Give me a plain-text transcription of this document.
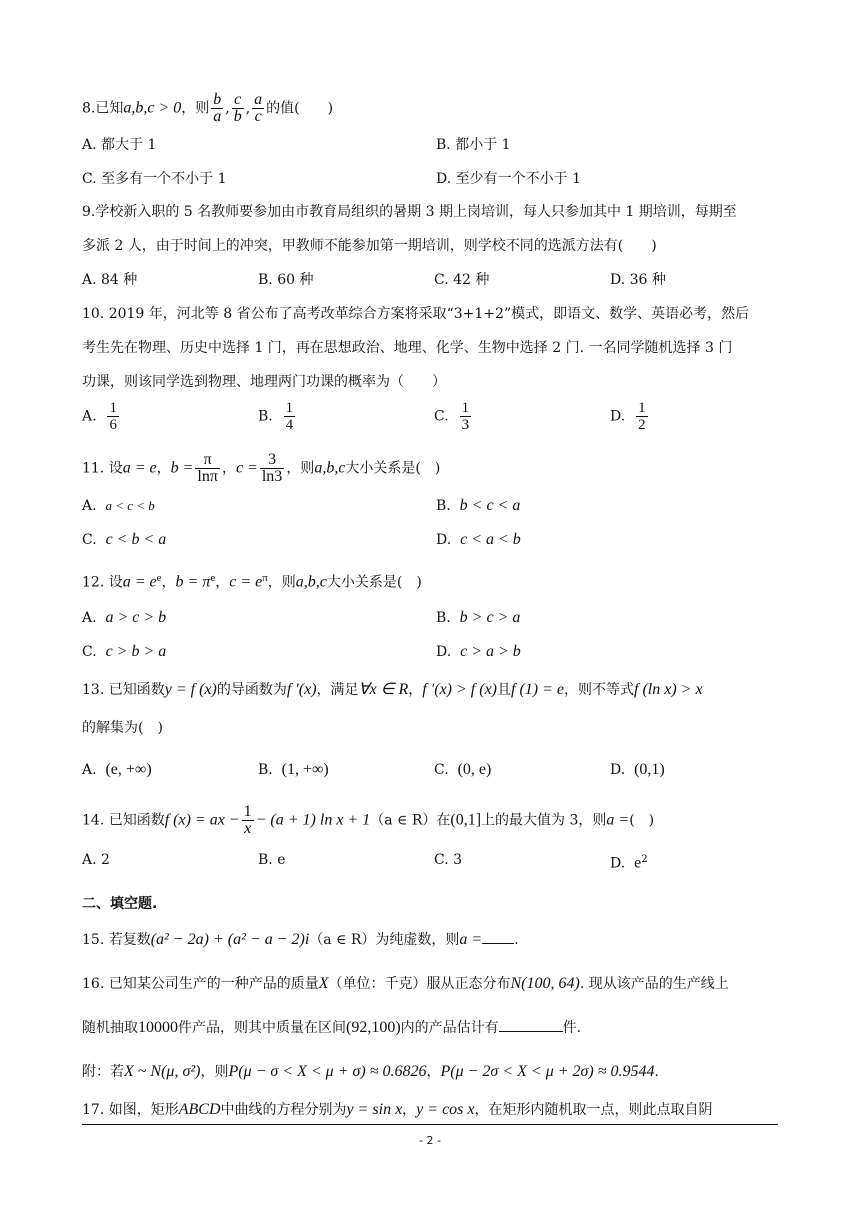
8.已知a,b,c > 0，则 $\frac{b}{a}$ , $\frac{c}{b}$ , $\frac{a}{c}$ 的值(　　)
A. 都大于 1	B. 都小于 1
C. 至多有一个不小于 1	D. 至少有一个不小于 1
9.学校新入职的 5 名教师要参加由市教育局组织的暑期 3 期上岗培训，每人只参加其中 1 期培训，每期至
多派 2 人，由于时间上的冲突，甲教师不能参加第一期培训，则学校不同的选派方法有(　　)
A. 84 种	B. 60 种	C. 42 种	D. 36 种
10. 2019 年，河北等 8 省公布了高考改革综合方案将采取“3+1+2”模式，即语文、数学、英语必考，然后
考生先在物理、历史中选择 1 门，再在思想政治、地理、化学、生物中选择 2 门. 一名同学随机选择 3 门
功课，则该同学选到物理、地理两门功课的概率为（　　）
A. $\frac{1}{6}$	B. $\frac{1}{4}$	C. $\frac{1}{3}$	D. $\frac{1}{2}$
11. 设a = e，$b = \frac{\pi}{\ln\pi}$ ，$c = \frac{3}{\ln 3}$ ，则a,b,c大小关系是(　)
A. a < c < b	B. b < c < a
C. c < b < a	D. c < a < b
12. 设$a = e^e$，$b = \pi^e$，$c = e^\pi$，则a,b,c大小关系是(　)
A. a > c > b	B. b > c > a
C. c > b > a	D. c > a > b
13. 已知函数y = f (x)的导函数为f ′(x)，满足∀x ∈ R，f ′(x) > f (x)且f (1) = e，则不等式f (ln x) > x
的解集为(　)
A. (e, +∞)	B. (1, +∞)	C. (0, e)	D. (0,1)
14. 已知函数f (x) = ax − $\frac{1}{x} - (a + 1)$ ln x + 1（a ∈ R）在(0,1]上的最大值为 3，则a =(　)
A. 2	B. e	C. 3	D. $e^2$
二、填空题.
15. 若复数(a² − 2a) + (a² − a − 2)i（a ∈ R）为纯虚数，则a = .
16. 已知某公司生产的一种产品的质量X（单位：千克）服从正态分布N(100, 64). 现从该产品的生产线上
随机抽取10000件产品，则其中质量在区间(92,100)内的产品估计有	件.
附：若X ~ N(μ, σ²)，则P(μ − σ < X < μ + σ) ≈ 0.6826，P(μ − 2σ < X < μ + 2σ) ≈ 0.9544.
17. 如图，矩形ABCD中曲线的方程分别为y = sin x，y = cos x，在矩形内随机取一点，则此点取自阴
- 2 -
